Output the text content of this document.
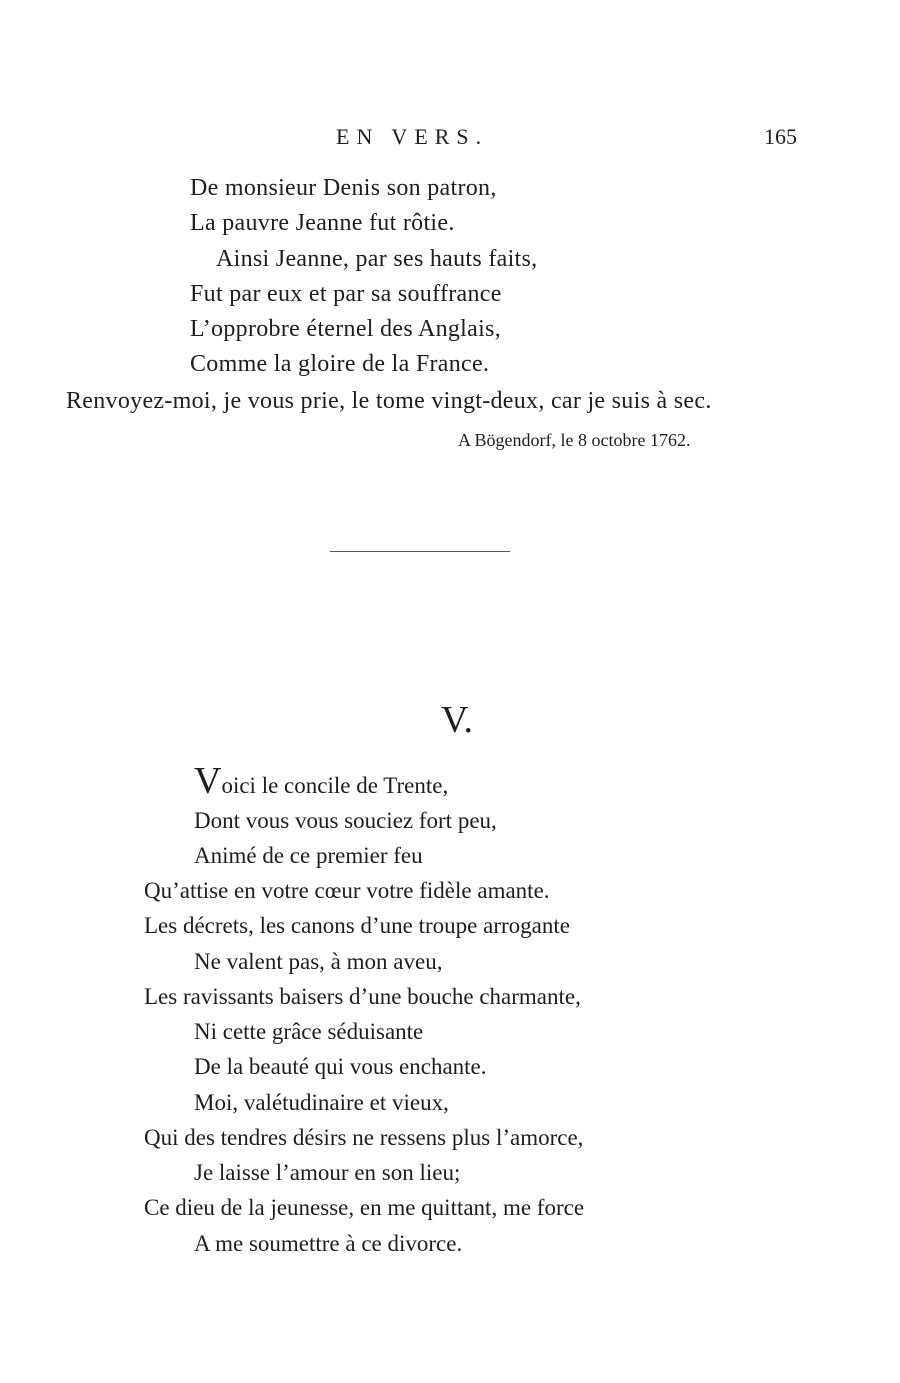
EN VERS.	165
De monsieur Denis son patron,
La pauvre Jeanne fut rôtie.
Ainsi Jeanne, par ses hauts faits,
Fut par eux et par sa souffrance
L’opprobre éternel des Anglais,
Comme la gloire de la France.
Renvoyez-moi, je vous prie, le tome vingt-deux, car je suis à sec.
A Bögendorf, le 8 octobre 1762.
V.
Voici le concile de Trente,
Dont vous vous souciez fort peu,
Animé de ce premier feu
Qu’attise en votre cœur votre fidèle amante.
Les décrets, les canons d’une troupe arrogante
Ne valent pas, à mon aveu,
Les ravissants baisers d’une bouche charmante,
Ni cette grâce séduisante
De la beauté qui vous enchante.
Moi, valétudinaire et vieux,
Qui des tendres désirs ne ressens plus l’amorce,
Je laisse l’amour en son lieu;
Ce dieu de la jeunesse, en me quittant, me force
A me soumettre à ce divorce.
